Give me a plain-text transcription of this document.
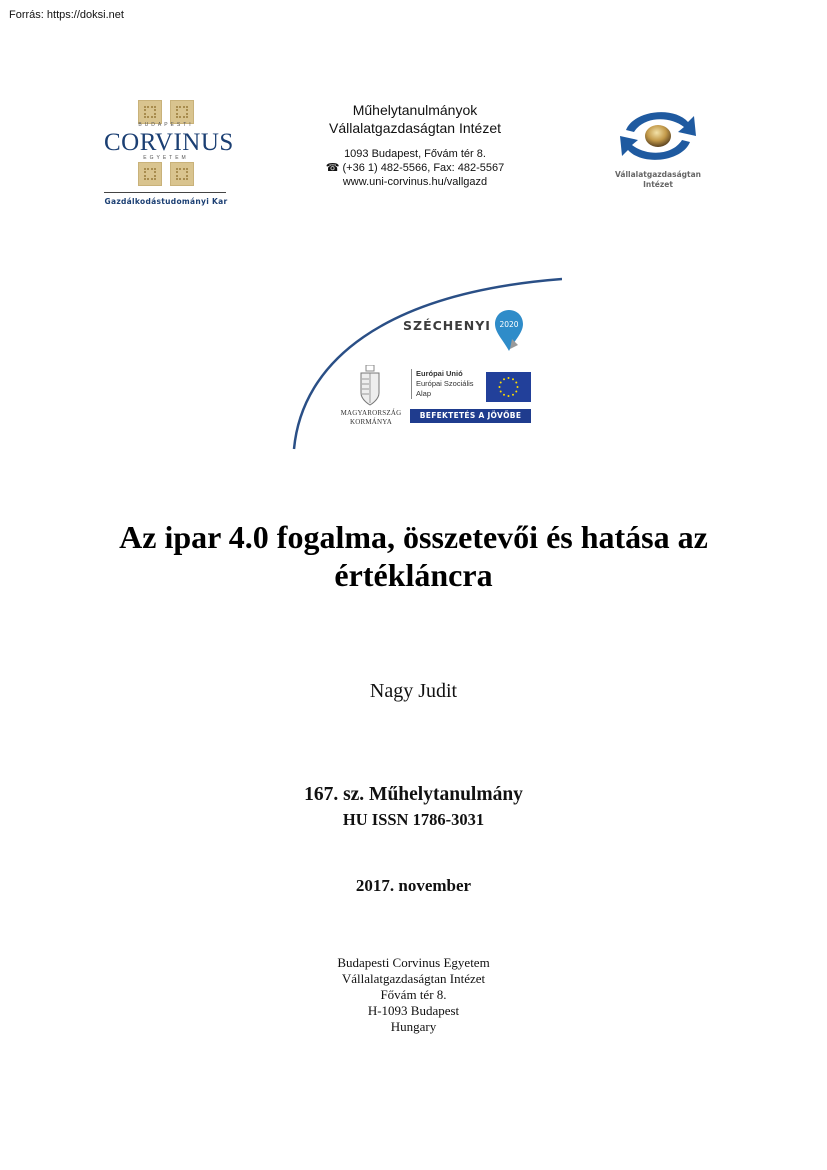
Forrás: https://doksi.net
BUDAPESTI
CORVINUS
EGYETEM
Gazdálkodástudományi Kar
Műhelytanulmányok
Vállalatgazdaságtan Intézet
1093 Budapest, Fővám tér 8.
☎ (+36 1) 482-5566, Fax: 482-5567
www.uni-corvinus.hu/vallgazd
Vállalatgazdaságtan
Intézet
SZÉCHENYI 2020
MAGYARORSZÁG
KORMÁNYA
Európai Unió
Európai Szociális
Alap
BEFEKTETÉS A JÖVŐBE
Az ipar 4.0 fogalma, összetevői és hatása az
értékláncra
Nagy Judit
167. sz. Műhelytanulmány
HU ISSN 1786-3031
2017. november
Budapesti Corvinus Egyetem
Vállalatgazdaságtan Intézet
Fővám tér 8.
H-1093 Budapest
Hungary
